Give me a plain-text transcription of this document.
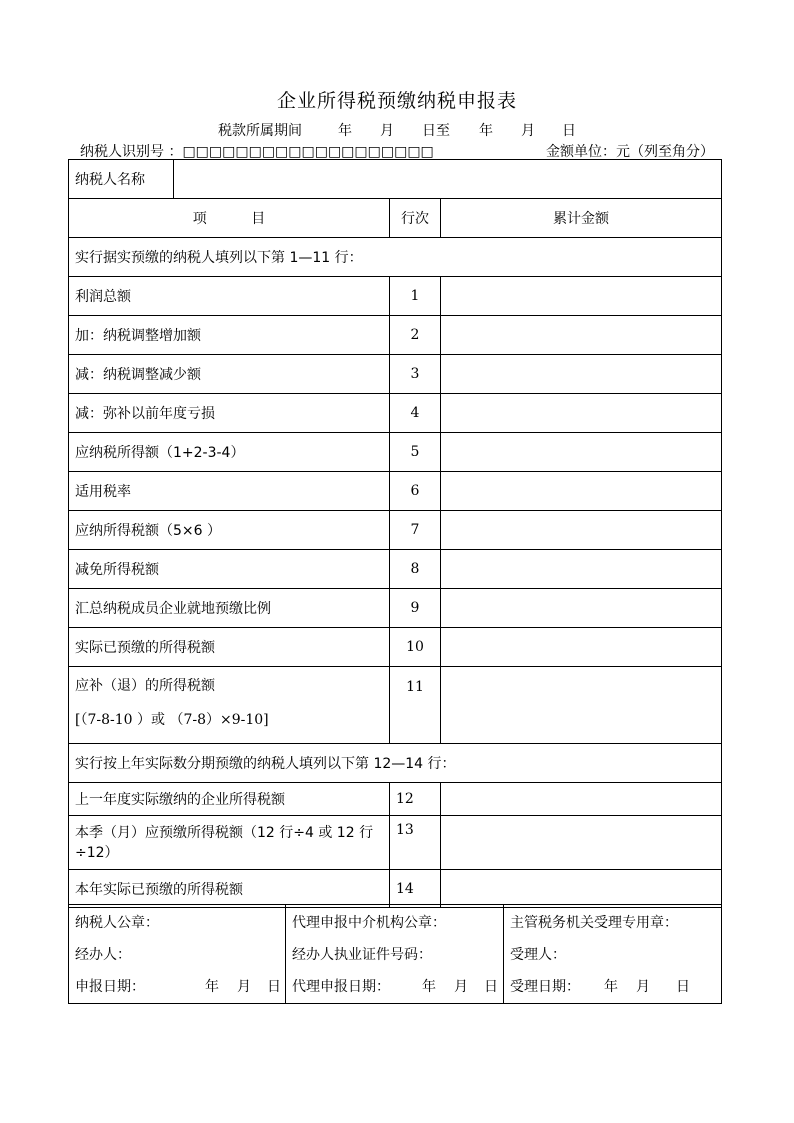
企业所得税预缴纳税申报表
税款所属期间	年 月 日至 年 月 日
纳税人识别号 ：□□□□□□□□□□□□□□□□□□□	金额单位：元（列至角分）
纳税人名称			
项          目		行次	累计金额
实行据实预缴的纳税人填列以下第 1—11 行：			
利润总额		1	
加：纳税调整增加额		2	
减：纳税调整减少额		3	
减：弥补以前年度亏损		4	
应纳税所得额（1+2-3-4）		5	
适用税率		6	
应纳所得税额（5×6 ）		7	
减免所得税额		8	
汇总纳税成员企业就地预缴比例		9	
实际已预缴的所得税额		10	

应补（退）的所得税额
[（7-8-10 ）或 （7-8）×9-10]		11	
实行按上年实际数分期预缴的纳税人填列以下第 12—14 行：			
上一年度实际缴纳的企业所得税额		12	
本季（月）应预缴所得税额（12 行÷4 或 12 行÷12）		13	
本年实际已预缴的所得税额		14	
纳税人公章：
经办人：
申报日期：	年 月 日

代理申报中介机构公章：
经办人执业证件号码：
代理申报日期： 年 月 日

主管税务机关受理专用章：
受理人：
受理日期： 年 月 日
